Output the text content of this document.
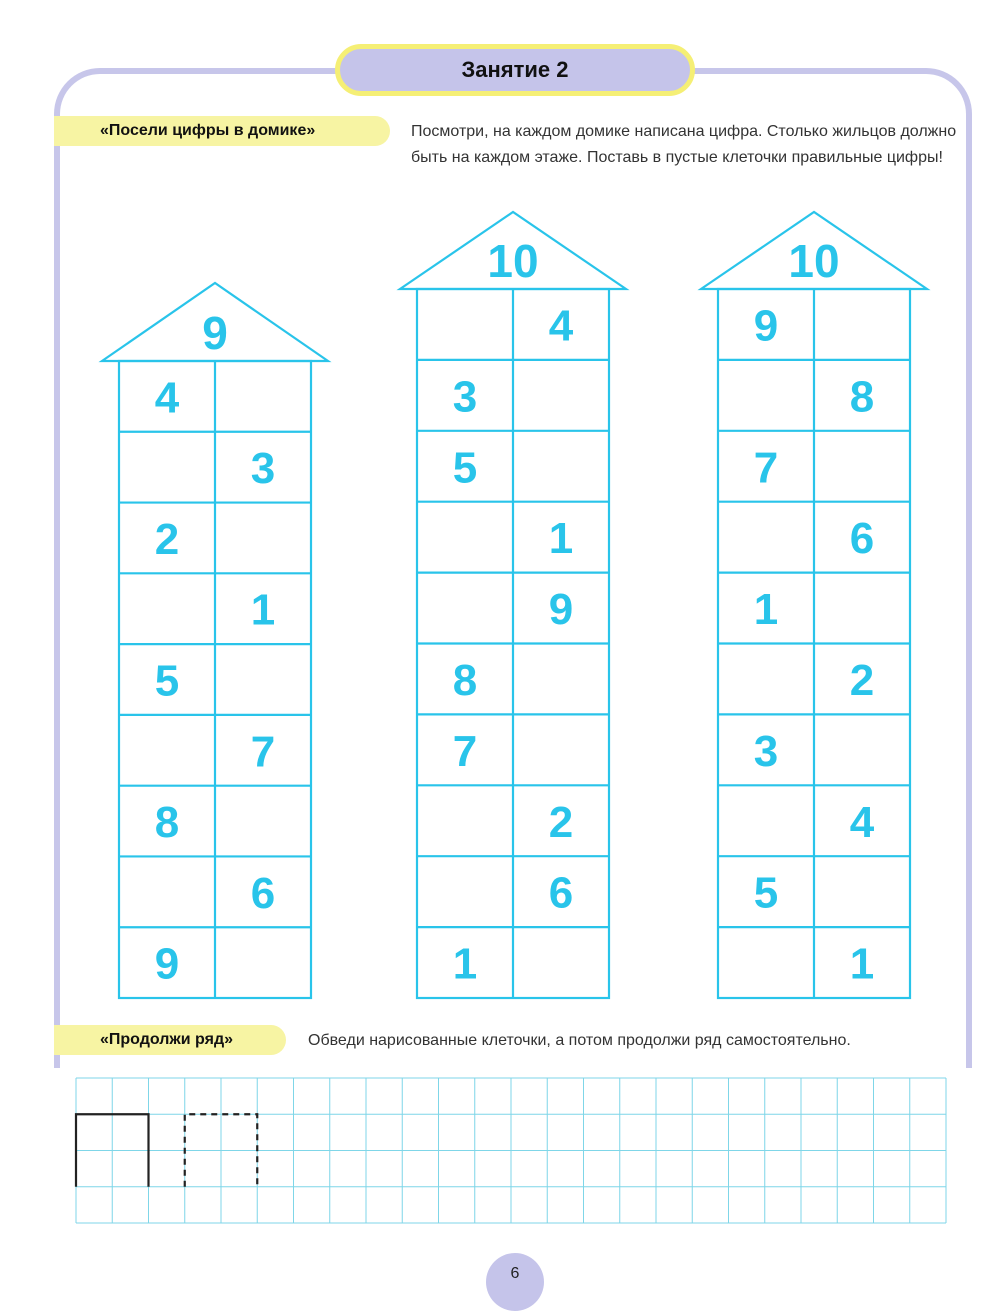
Занятие 2
«Посели цифры в домике»	Посмотри, на каждом домике написана цифра. Столько жильцов должно быть на каждом этаже. Поставь в пустые клеточки правильные цифры!
9
4
3
2
1
5
7
8
6
9
10
4
3
5
1
9
8
7
2
6
1
10
9
8
7
6
1
2
3
4
5
1
«Продолжи ряд»	Обведи нарисованные клеточки, а потом продолжи ряд самостоятельно.
6
